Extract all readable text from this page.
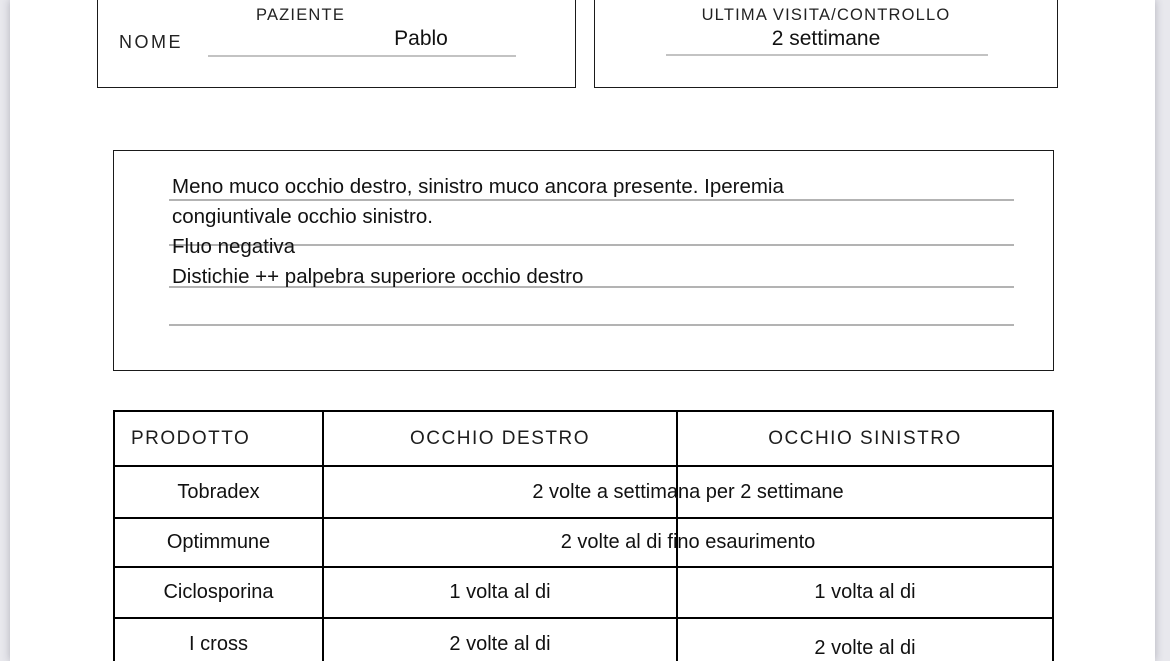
PAZIENTE
NOME	Pablo
ULTIMA VISITA/CONTROLLO
2 settimane
Meno muco occhio destro, sinistro muco ancora presente. Iperemia
congiuntivale occhio sinistro.
Fluo negativa
Distichie ++ palpebra superiore occhio destro
PRODOTTO	OCCHIO DESTRO	OCCHIO SINISTRO
Tobradex	2 volte a settimana per 2 settimane
Optimmune	2 volte al di fino esaurimento
Ciclosporina	1 volta al di	1 volta al di
I cross	2 volte al di	2 volte al di
